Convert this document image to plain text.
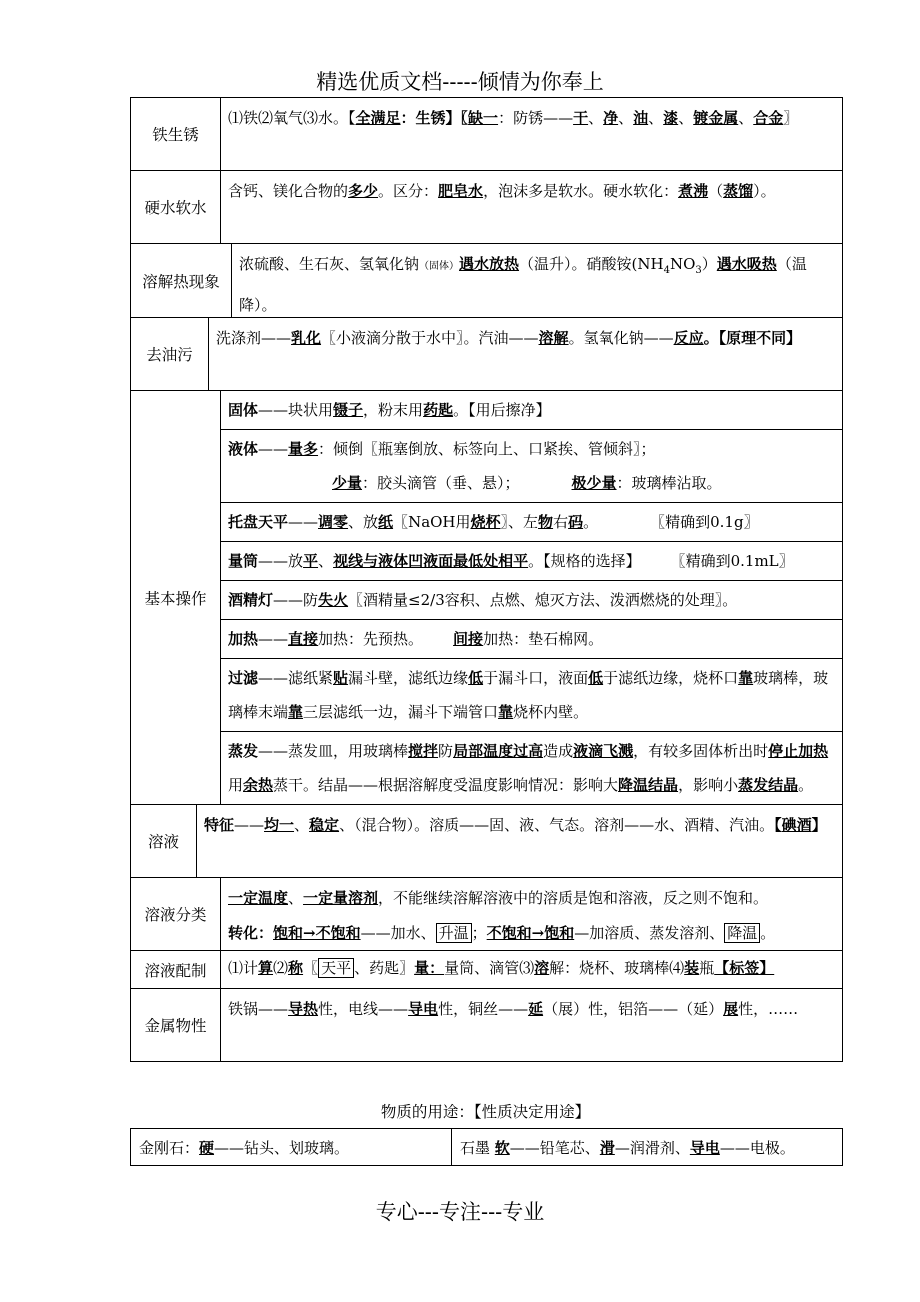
精选优质文档-----倾情为你奉上
铁生锈
⑴铁⑵氧气⑶水。【全满足：生锈】〖缺一：防锈——干、净、油、漆、镀金属、合金〗
硬水软水
含钙、镁化合物的多少。区分：肥皂水，泡沫多是软水。硬水软化：煮沸（蒸馏）。
溶解热现象
浓硫酸、生石灰、氢氧化钠（固体）遇水放热（温升）。硝酸铵$(NH_4NO_3)$遇水吸热（温降）。
去油污
洗涤剂——乳化〖小液滴分散于水中〗。汽油——溶解。氢氧化钠——反应。【原理不同】
基本操作
固体——块状用镊子，粉末用药匙。【用后擦净】
液体——量多：倾倒〖瓶塞倒放、标签向上、口紧挨、管倾斜〗；
少量：胶头滴管（垂、悬）；	极少量：玻璃棒沾取。
托盘天平——调零、放纸〖NaOH用烧杯〗、左物右码。	〖精确到0.1g〗
量筒——放平、视线与液体凹液面最低处相平。【规格的选择】 〖精确到0.1mL〗
酒精灯——防失火〖酒精量≤2/3容积、点燃、熄灭方法、泼洒燃烧的处理〗。
加热——直接加热：先预热。 间接加热：垫石棉网。
过滤——滤纸紧贴漏斗壁，滤纸边缘低于漏斗口，液面低于滤纸边缘，烧杯口靠玻璃棒，玻璃棒末端靠三层滤纸一边，漏斗下端管口靠烧杯内壁。
蒸发——蒸发皿，用玻璃棒搅拌防局部温度过高造成液滴飞溅，有较多固体析出时停止加热用余热蒸干。结晶——根据溶解度受温度影响情况：影响大降温结晶，影响小蒸发结晶。
溶液
特征——均一、稳定、（混合物）。溶质——固、液、气态。溶剂——水、酒精、汽油。【碘酒】
溶液分类
一定温度、一定量溶剂，不能继续溶解溶液中的溶质是饱和溶液，反之则不饱和。
转化：饱和→不饱和——加水、 升温 ；不饱和→饱和—加溶质、蒸发溶剂、 降温 。
溶液配制	⑴计算⑵称〖 天平 、药匙〗量：量筒、滴管⑶溶解：烧杯、玻璃棒⑷装瓶【标签】
金属物性
铁锅——导热性，电线——导电性，铜丝——延（展）性，铝箔——（延）展性，……
物质的用途：【性质决定用途】
金刚石： 硬 ——钻头、划玻璃。	石墨 软 ——铅笔芯、 滑 —润滑剂、 导电 ——电极。
专心---专注---专业
